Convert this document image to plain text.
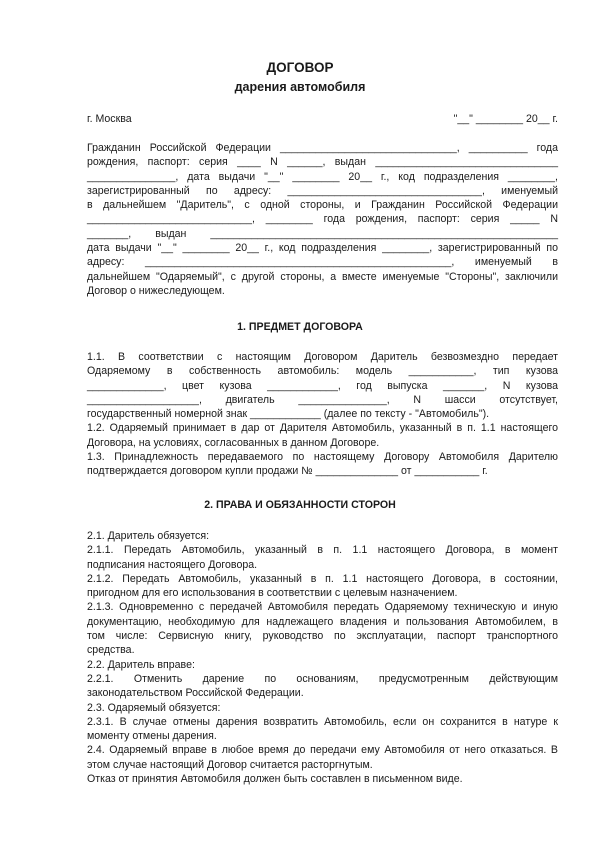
ДОГОВОР
дарения автомобиля
г. Москва	"__" ________ 20__ г.

Гражданин Российской Федерации ______________________________, __________ года

рождения, паспорт: серия ____ N ______, выдан _______________________________

_______________, дата выдачи "__" ________ 20__ г., код подразделения ________,

зарегистрированный по адресу: _________________________________, именуемый

в дальнейшем "Даритель", с одной стороны, и Гражданин Российской Федерации

____________________________, ________ года рождения, паспорт: серия _____ N

_______, выдан ___________________________________________________________

дата выдачи "__" ________ 20__ г., код подразделения ________, зарегистрированный по

адресу: ____________________________________________________, именуемый в

дальнейшем "Одаряемый", с другой стороны, а вместе именуемые "Стороны", заключили

Договор о нижеследующем.

1. ПРЕДМЕТ ДОГОВОРА

1.1. В соответствии с настоящим Договором Даритель безвозмездно передает

Одаряемому в собственность автомобиль: модель ___________, тип кузова

_____________, цвет кузова ____________, год выпуска _______, N кузова

___________________, двигатель _______________, N шасси отсутствует,

государственный номерной знак ____________ (далее по тексту - "Автомобиль").

1.2. Одаряемый принимает в дар от Дарителя Автомобиль, указанный в п. 1.1 настоящего

Договора, на условиях, согласованных в данном Договоре.

1.3. Принадлежность передаваемого по настоящему Договору Автомобиля Дарителю

подтверждается договором купли продажи № ______________ от ___________ г.

2. ПРАВА И ОБЯЗАННОСТИ СТОРОН

2.1. Даритель обязуется:

2.1.1. Передать Автомобиль, указанный в п. 1.1 настоящего Договора, в момент

подписания настоящего Договора.

2.1.2. Передать Автомобиль, указанный в п. 1.1 настоящего Договора, в состоянии,

пригодном для его использования в соответствии с целевым назначением.

2.1.3. Одновременно с передачей Автомобиля передать Одаряемому техническую и иную

документацию, необходимую для надлежащего владения и пользования Автомобилем, в

том числе: Сервисную книгу, руководство по эксплуатации, паспорт транспортного

средства.

2.2. Даритель вправе:

2.2.1. Отменить дарение по основаниям, предусмотренным действующим

законодательством Российской Федерации.

2.3. Одаряемый обязуется:

2.3.1. В случае отмены дарения возвратить Автомобиль, если он сохранится в натуре к

моменту отмены дарения.

2.4. Одаряемый вправе в любое время до передачи ему Автомобиля от него отказаться. В

этом случае настоящий Договор считается расторгнутым.

Отказ от принятия Автомобиля должен быть составлен в письменном виде.
